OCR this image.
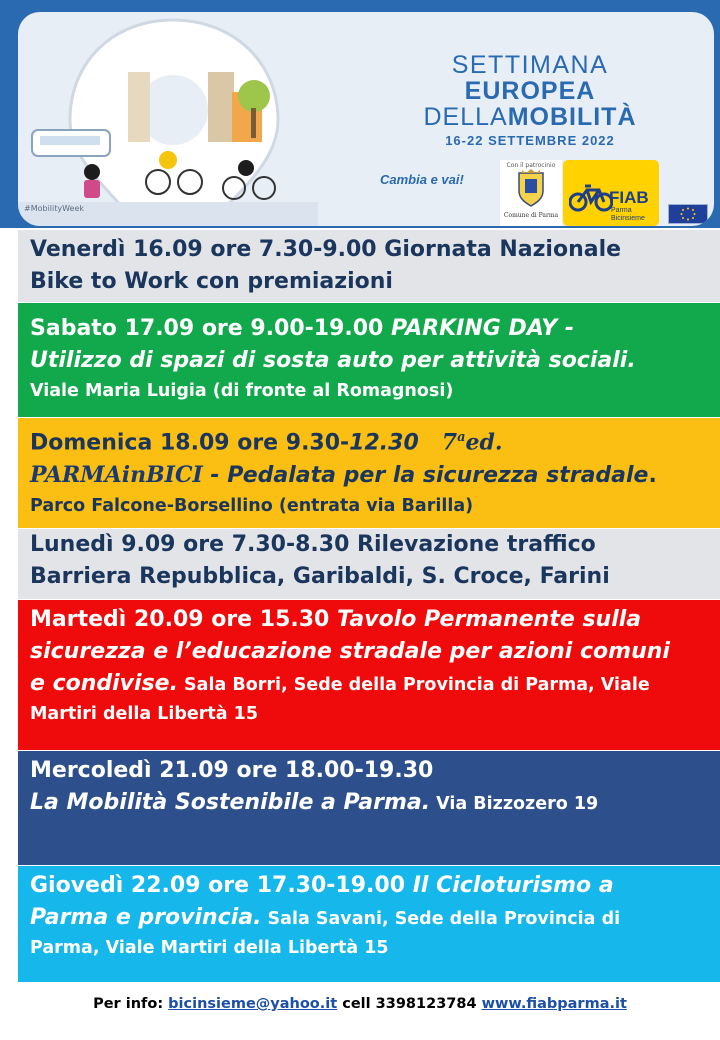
#MobilityWeek
SETTIMANA
EUROPEA
DELLAMOBILITÀ
16-22 SETTEMBRE 2022
Cambia e vai!
Con il patrocinio
Comune di Parma
FIAB
Parma
Bicinsieme
Venerdì 16.09 ore 7.30-9.00 Giornata Nazionale
Bike to Work con premiazioni
Sabato 17.09 ore 9.00-19.00 PARKING DAY -
Utilizzo di spazi di sosta auto per attività sociali.
Viale Maria Luigia (di fronte al Romagnosi)
Domenica 18.09 ore 9.30-12.30 7$^a$ed.
PARMAinBICI - Pedalata per la sicurezza stradale.
Parco Falcone-Borsellino (entrata via Barilla)
Lunedì 9.09 ore 7.30-8.30 Rilevazione traffico
Barriera Repubblica, Garibaldi, S. Croce, Farini
Martedì 20.09 ore 15.30 Tavolo Permanente sulla
sicurezza e l’educazione stradale per azioni comuni
e condivise. Sala Borri, Sede della Provincia di Parma, Viale
Martiri della Libertà 15
Mercoledì 21.09 ore 18.00-19.30
La Mobilità Sostenibile a Parma. Via Bizzozero 19
Giovedì 22.09 ore 17.30-19.00 Il Cicloturismo a
Parma e provincia. Sala Savani, Sede della Provincia di
Parma, Viale Martiri della Libertà 15
Per info: bicinsieme@yahoo.it cell 3398123784 www.fiabparma.it
